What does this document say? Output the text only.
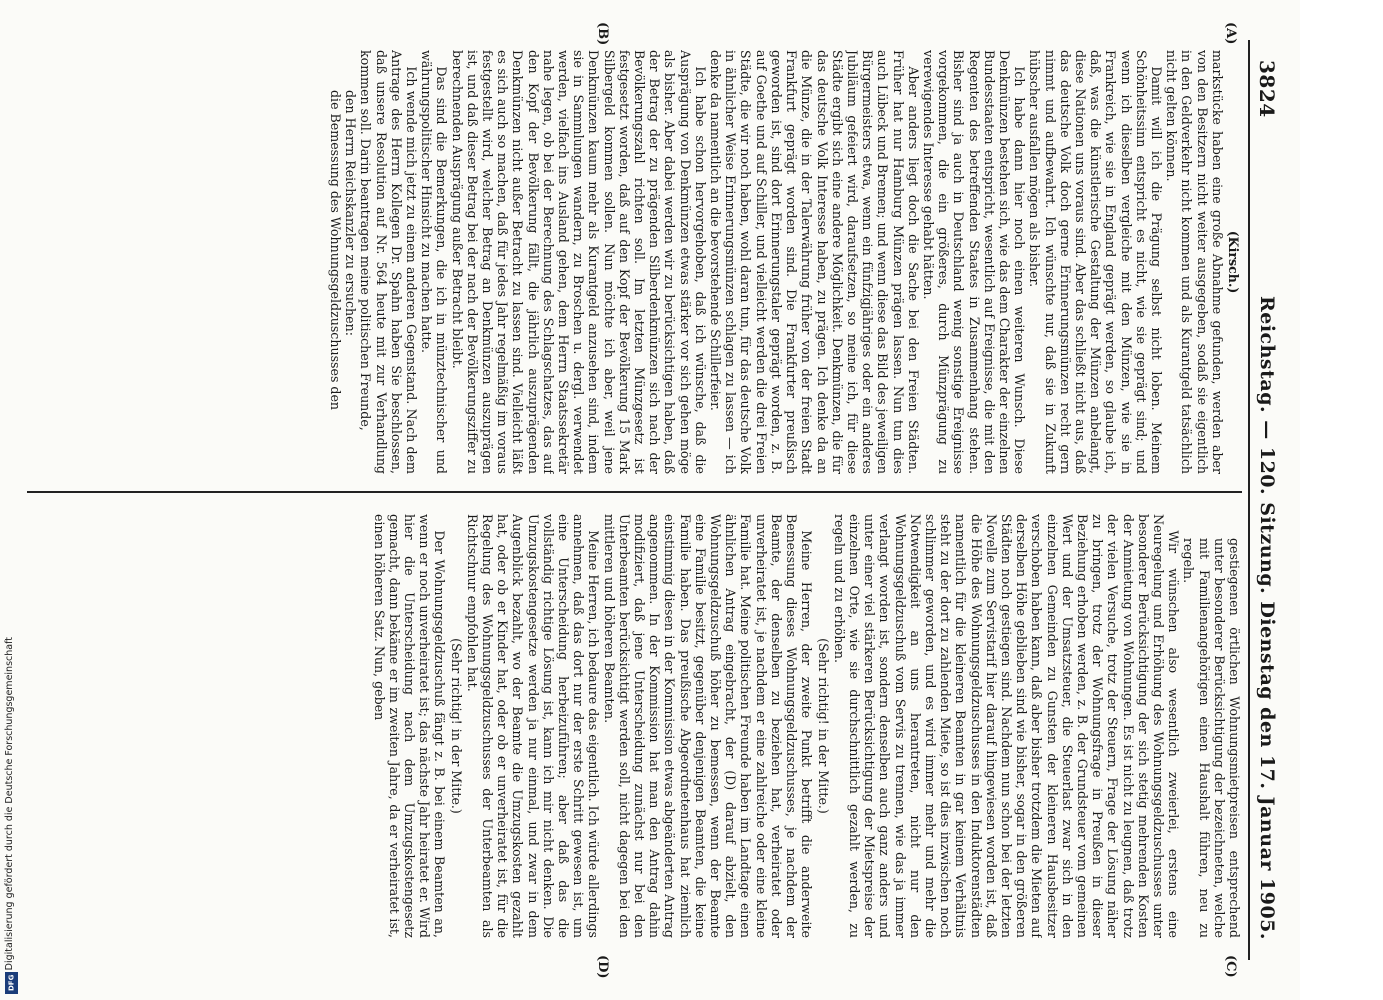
3824
Reichstag. — 120. Sitzung. Dienstag den 17. Januar 1905.
(A)
(B)
(C)
(D)

(Kirsch.)

markstücke haben eine große Abnahme gefunden, werden aber von den Besitzern nicht weiter ausgegeben, sodaß sie eigentlich in den Geldverkehr nicht kommen und als Kurantgeld tatsächlich nicht gelten können.

Damit will ich die Prägung selbst nicht loben. Meinem Schönheitssinn entspricht es nicht, wie sie geprägt sind; und wenn ich dieselben vergleiche mit den Münzen, wie sie in Frankreich, wie sie in England geprägt werden, so glaube ich, daß, was die künstlerische Gestaltung der Münzen anbelangt, diese Nationen uns voraus sind. Aber das schließt nicht aus, daß das deutsche Volk doch gerne Erinnerungsmünzen recht gern nimmt und aufbewahrt. Ich wünschte nur, daß sie in Zukunft hübscher ausfallen mögen als bisher.

Ich habe dann hier noch einen weiteren Wunsch. Diese Denkmünzen bestehen sich, wie das dem Charakter der einzelnen Bundesstaaten entspricht, wesentlich auf Ereignisse, die mit den Regenten des betreffenden Staates in Zusammenhang stehen. Bisher sind ja auch in Deutschland wenig sonstige Ereignisse vorgekommen, die ein größeres, durch Münzprägung zu verewigendes Interesse gehabt hätten.

Aber anders liegt doch die Sache bei den Freien Städten. Früher hat nur Hamburg Münzen prägen lassen. Nun tun dies auch Lübeck und Bremen; und wenn diese das Bild des jeweiligen Bürgermeisters etwa, wenn ein fünfzigjähriges oder ein anderes Jubiläum gefeiert wird, daraufsetzen, so meine ich, für diese Städte ergibt sich eine andere Möglichkeit. Denkmünzen, die für das deutsche Volk Interesse haben, zu prägen. Ich denke da an die Münze, die in der Talerwährung früher von der freien Stadt Frankfurt geprägt worden sind. Die Frankfurter preußisch geworden ist, sind dort Erinnerungstaler geprägt worden, z. B. auf Goethe und auf Schiller, und vielleicht werden die drei Freien Städte, die wir noch haben, wohl daran tun, für das deutsche Volk in ähnlicher Weise Erinnerungsmünzen schlagen zu lassen — ich denke da namentlich an die bevorstehende Schillerfeier.

Ich habe schon hervorgehoben, daß ich wünsche, daß die Ausprägung von Denkmünzen etwas stärker vor sich gehen möge als bisher. Aber dabei werden wir zu berücksichtigen haben, daß der Betrag der zu prägenden Silberdenkmünzen sich nach der Bevölkerungszahl richten soll. Im letzten Münzgesetz ist festgesetzt worden, daß auf den Kopf der Bevölkerung 15 Mark Silbergeld kommen sollen. Nun möchte ich aber, weil jene Denkmünzen kaum mehr als Kurantgeld anzusehen sind, indem sie in Sammlungen wandern, zu Broschen u. dergl. verwendet werden, vielfach ins Ausland gehen, dem Herrn Staatssekretär nahe legen, ob bei der Berechnung des Schlagschatzes, das auf den Kopf der Bevölkerung fällt, die jährlich auszuprägenden Denkmünzen nicht außer Betracht zu lassen sind. Vielleicht läßt es sich auch so machen, daß für jedes Jahr regelmäßig im voraus festgestellt wird, welcher Betrag an Denkmünzen auszuprägen ist, und daß dieser Betrag bei der nach der Bevölkerungsziffer zu berechnenden Ausprägung außer Betracht bleibt.

Das sind die Bemerkungen, die ich in münztechnischer und währungspolitischer Hinsicht zu machen hatte.

Ich wende mich jetzt zu einem anderen Gegenstand. Nach dem Antrage des Herrn Kollegen Dr. Spahn haben Sie beschlossen, daß unsere Resolution auf Nr. 564 heute mit zur Verhandlung kommen soll. Darin beantragen meine politischen Freunde,

den Herrn Reichskanzler zu ersuchen:

die Bemessung des Wohnungsgeldzuschusses den

gestiegenen örtlichen Wohnungsmietpreisen entsprechend unter besonderer Berücksichtigung der bezeichneten, welche mit Familienangehörigen einen Haushalt führen, neu zu regeln.

Wir wünschen also wesentlich zweierlei, erstens eine Neuregelung und Erhöhung des Wohnungsgeldzuschusses unter besonderer Berücksichtigung der sich stetig mehrenden Kosten der Anmietung von Wohnungen. Es ist nicht zu leugnen, daß trotz der vielen Versuche, trotz der Steuern, Frage der Lösung näher zu bringen, trotz der Wohnungsfrage in Preußen in dieser Beziehung erhoben werden, z. B. der Grundsteuer vom gemeinen Wert und der Umsatzsteuer, die Steuerlast zwar sich in den einzelnen Gemeinden zu Gunsten der kleineren Hausbesitzer verschoben haben kann, daß aber bisher trotzdem die Mieten auf derselben Höhe geblieben sind wie bisher, sogar in den größeren Städten noch gestiegen sind. Nachdem nun schon bei der letzten Novelle zum Servistarif hier darauf hingewiesen worden ist, daß die Höhe des Wohnungsgeldzuschusses in den Induktorenstädten namentlich für die kleineren Beamten in gar keinem Verhältnis steht zu der dort zu zahlenden Miete, so ist dies inzwischen noch schlimmer geworden, und es wird immer mehr und mehr die Notwendigkeit an uns herantreten, nicht nur den Wohnungsgeldzuschuß vom Servis zu trennen, wie das ja immer verlangt worden ist, sondern denselben auch ganz anders und unter einer viel stärkeren Berücksichtigung der Mietspreise der einzelnen Orte, wie sie durchschnittlich gezahlt werden, zu regeln und zu erhöhen.

(Sehr richtig! in der Mitte.)

Meine Herren, der zweite Punkt betrifft die anderweite Bemessung dieses Wohnungsgeldzuschusses, je nachdem der Beamte, der denselben zu beziehen hat, verheiratet oder unverheiratet ist, je nachdem er eine zahlreiche oder eine kleine Familie hat. Meine politischen Freunde haben im Landtage einen ähnlichen Antrag eingebracht, der (D) darauf abzielt, den Wohnungsgeldzuschuß höher zu bemessen, wenn der Beamte eine Familie besitzt, gegenüber denjenigen Beamten, die keine Familie haben. Das preußische Abgeordnetenhaus hat ziemlich einstimmig diesen in der Kommission etwas abgeänderten Antrag angenommen. In der Kommission hat man den Antrag dahin modifiziert, daß jene Unterscheidung zunächst nur bei den Unterbeamten berücksichtigt werden soll, nicht dagegen bei den mittleren und höheren Beamten.

Meine Herren, ich bedaure das eigentlich. Ich würde allerdings annehmen, daß das dort nur der erste Schritt gewesen ist, um eine Unterscheidung herbeizuführen; aber daß das die vollständig richtige Lösung ist, kann ich mir nicht denken. Die Umzugskostengesetze werden ja nur einmal, und zwar in dem Augenblick bezahlt, wo der Beamte die Umzugskosten gezahlt hat, oder ob er Kinder hat, oder ob er unverheiratet ist, für die Regelung des Wohnungsgeldzuschusses der Unterbeamten als Richtschnur empfohlen hat.

(Sehr richtig! in der Mitte.)

Der Wohnungsgeldzuschuß fängt z. B. bei einem Beamten an, wenn er noch unverheiratet ist; das nächste Jahr heiratet er. Wird hier die Unterscheidung nach dem Umzugskostengesetz gemacht, dann bekäme er im zweiten Jahre, da er verheiratet ist, einen höheren Satz. Nun, geben

Digitalisierung gefördert durch die Deutsche Forschungsgemeinschaft
DFG
